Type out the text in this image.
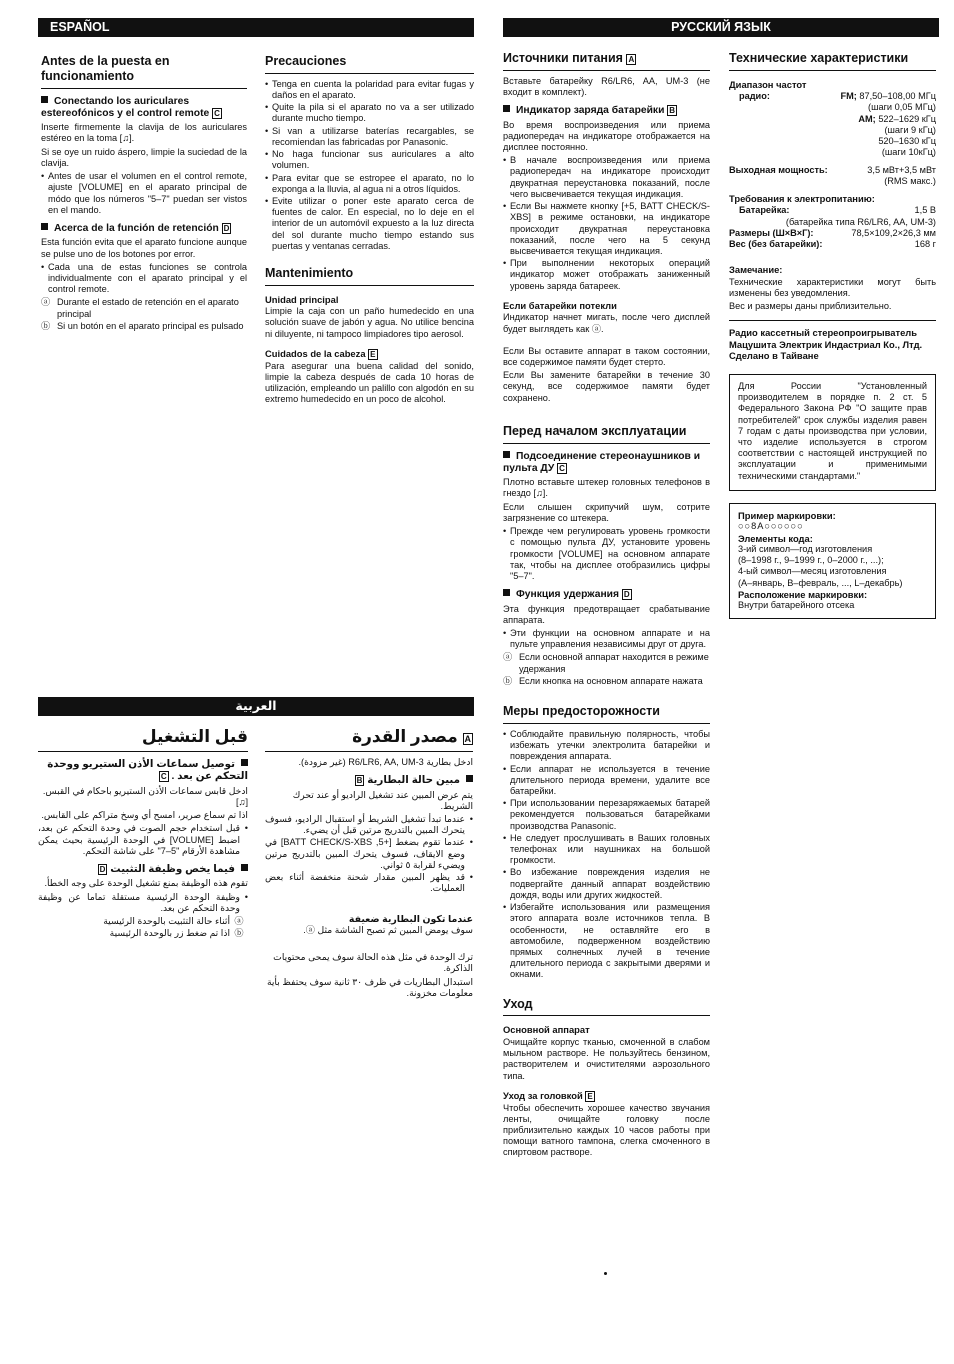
ESPAÑOL	РУССКИЙ ЯЗЫК
العربية
Antes de la puesta en funcionamiento
Conectando los auriculares estereofónicos y el control remote C

Inserte firmemente la clavija de los auriculares estéreo en la toma [♫].

Si se oye un ruido áspero, limpie la suciedad de la clavija.

• Antes de usar el volumen en el control remote, ajuste [VOLUME] en el aparato principal de módo que los números "5–7" puedan ser vistos en el mando.
Acerca de la función de retención D

Esta función evita que el aparato funcione aunque se pulse uno de los botones por error.

• Cada una de estas funciones se controla individualmente con el aparato principal y el control remote.
ⓐ Durante el estado de retención en el aparato principal
ⓑ Si un botón en el aparato principal es pulsado
Precauciones
• Tenga en cuenta la polaridad para evitar fugas y daños en el aparato.
• Quite la pila si el aparato no va a ser utilizado durante mucho tiempo.
• Si van a utilizarse baterías recargables, se recomiendan las fabricadas por Panasonic.
• No haga funcionar sus auriculares a alto volumen.
• Para evitar que se estropee el aparato, no lo exponga a la lluvia, al agua ni a otros líquidos.
• Evite utilizar o poner este aparato cerca de fuentes de calor. En especial, no lo deje en el interior de un automóvil expuesto a la luz directa del sol durante mucho tiempo estando sus puertas y ventanas cerradas.
Mantenimiento
Unidad principal

Limpie la caja con un paño humedecido en una solución suave de jabón y agua. No utilice bencina ni diluyente, ni tampoco limpiadores tipo aerosol.

Cuidados de la cabeza E

Para asegurar una buena calidad del sonido, limpie la cabeza después de cada 10 horas de utilización, empleando un palillo con algodón en su extremo humedecido en un poco de alcohol.

Источники питания A

Вставьте батарейку R6/LR6, AA, UM-3 (не входит в комплект).

Индикатор заряда батарейки B

Во время воспроизведения или приема радиопередач на индикаторе отображается на дисплее постоянно.

• В начале воспроизведения или приема радиопередач на индикаторе происходит двукратная переустановка показаний, после чего высвечивается текущая индикация.
• Если Вы нажмете кнопку [+5, BATT CHECK/S-XBS] в режиме остановки, на индикаторе происходит двукратная переустановка показаний, после чего на 5 секунд высвечивается текущая индикация.
• При выполнении некоторых операций индикатор может отображать заниженный уровень заряда батареек.
Если батарейки потекли

Индикатор начнет мигать, после чего дисплей будет выглядеть как ⓐ.

Если Вы оставите аппарат в таком состоянии, все содержимое памяти будет стерто.

Если Вы замените батарейки в течение 30 секунд, все содержимое памяти будет сохранено.

Перед началом эксплуатации
Подсоединение стереонаушников и пульта ДУ C

Плотно вставьте штекер головных телефонов в гнездо [♫].

Если слышен скрипучий шум, сотрите загрязнение со штекера.

• Прежде чем регулировать уровень громкости с помощью пульта ДУ, установите уровень громкости [VOLUME] на основном аппарате так, чтобы на дисплее отобразились цифры "5–7".
Функция удержания D

Эта функция предотвращает срабатывание аппарата.

• Эти функции на основном аппарате и на пульте управления независимы друг от друга.
ⓐ Если основной аппарат находится в режиме удержания
ⓑ Если кнопка на основном аппарате нажата
Меры предосторожности
• Соблюдайте правильную полярность, чтобы избежать утечки электролита батарейки и повреждения аппарата.
• Если аппарат не используется в течение длительного периода времени, удалите все батарейки.
• При использовании перезаряжаемых батарей рекомендуется пользоваться батарейками производства Panasonic.
• Не следует прослушивать в Ваших головных телефонах или наушниках на большой громкости.
• Во избежание повреждения изделия не подвергайте данный аппарат воздействию дождя, воды или других жидкостей.
• Избегайте использования или размещения этого аппарата возле источников тепла. В особенности, не оставляйте его в автомобиле, подверженном воздействию прямых солнечных лучей в течение длительного периода с закрытыми дверями и окнами.
Уход
Основной аппарат

Очищайте корпус тканью, смоченной в слабом мыльном растворе. Не пользуйтесь бензином, растворителем и очистителями аэрозольного типа.

Уход за головкой E

Чтобы обеспечить хорошее качество звучания ленты, очищайте головку после приблизительно каждых 10 часов работы при помощи ватного тампона, слегка смоченного в спиртовом растворе.

Технические характеристики
Диапазон частот
радио:	FM; 87,50–108,00 МГц
(шаги 0,05 МГц)
AM; 522–1629 кГц
(шаги 9 кГц)
520–1630 кГц
(шаги 10кГц)
Выходная мощность:	3,5 мВт+3,5 мВт
(RMS макс.)
Требования к электропитанию:
Батарейка:	1,5 В
(батарейка типа R6/LR6, AA, UM-3)
Размеры (Ш×В×Г):	78,5×109,2×26,3 мм
Вес (без батарейки):	168 г
Замечание:

Технические характеристики могут быть изменены без уведомления.

Вес и размеры даны приблизительно.

Радио кассетный стереопроигрыватель
Мацушита Электрик Индастриал Ко., Лтд.
Сделано в Тайване

Для России "Установленный производителем в порядке п. 2 ст. 5 Федерального Закона РФ "О защите прав потребителей" срок службы изделия равен 7 годам с даты производства при условии, что изделие используется в строгом соответствии с настоящей инструкцией по эксплуатации и применимыми техническими стандартами."

Пример маркировки:
○○8A○○○○○○
Элементы кода:
3-ий символ—год изготовления
(8–1998 г., 9–1999 г., 0–2000 г., ...);
4-ый символ—месяц изготовления
(А–январь, В–февраль, ..., L–декабрь)
Расположение маркировки:
Внутри батарейного отсека
A مصدر القدرة

ادخل بطارية R6/LR6, AA, UM-3 (غير مزودة).

مبين حالة البطارية B

يتم عرض المبين عند تشغيل الراديو أو عند تحرك الشريط.

• عندما تبدأ تشغيل الشريط أو استقبال الراديو، فسوف يتحرك المبين بالتدريج مرتين قبل أن يضيء.
• عندما تقوم بضغط [+5, BATT CHECK/S-XBS] في وضع الايقاف، فسوف يتحرك المبين بالتدريج مرتين ويضيء لقرابة ٥ ثواني.
• قد يظهر المبين مقدار شحنة منخفضة أثناء بعض العمليات.
عندما تكون البطارية ضعيفة

سوف يومض المبين ثم تصبح الشاشة مثل ⓐ.

ترك الوحدة في مثل هذه الحالة سوف يمحى محتويات الذاكرة.

استبدال البطاريات في ظرف ٣٠ ثانية سوف يحتفظ بأية معلومات مخزونة.

قبل التشغيل
توصيل سماعات الأذن الستيريو ووحدة التحكم عن بعد . C

ادخل قابس سماعات الأذن الستيريو باحكام في القبس. [♫]

اذا تم سماع صرير، امسح أي وسخ متراكم على القابس.

• قبل استخدام حجم الصوت في وحدة التحكم عن بعد، اضبط [VOLUME] في الوحدة الرئيسية بحيث يمكن مشاهدة الأرقام "5–7" على شاشة التحكم.
فيما يخص وظيفة التثبيت D

تقوم هذه الوظيفة بمنع تشغيل الوحدة على وجه الخطأ.

• وظيفة الوحدة الرئيسية مستقلة تماما عن وظيفة وحدة التحكم عن بعد.
ⓐ
أثناء حالة التثبيت بالوحدة الرئيسية
ⓑ
اذا تم ضغط زر بالوحدة الرئيسية
